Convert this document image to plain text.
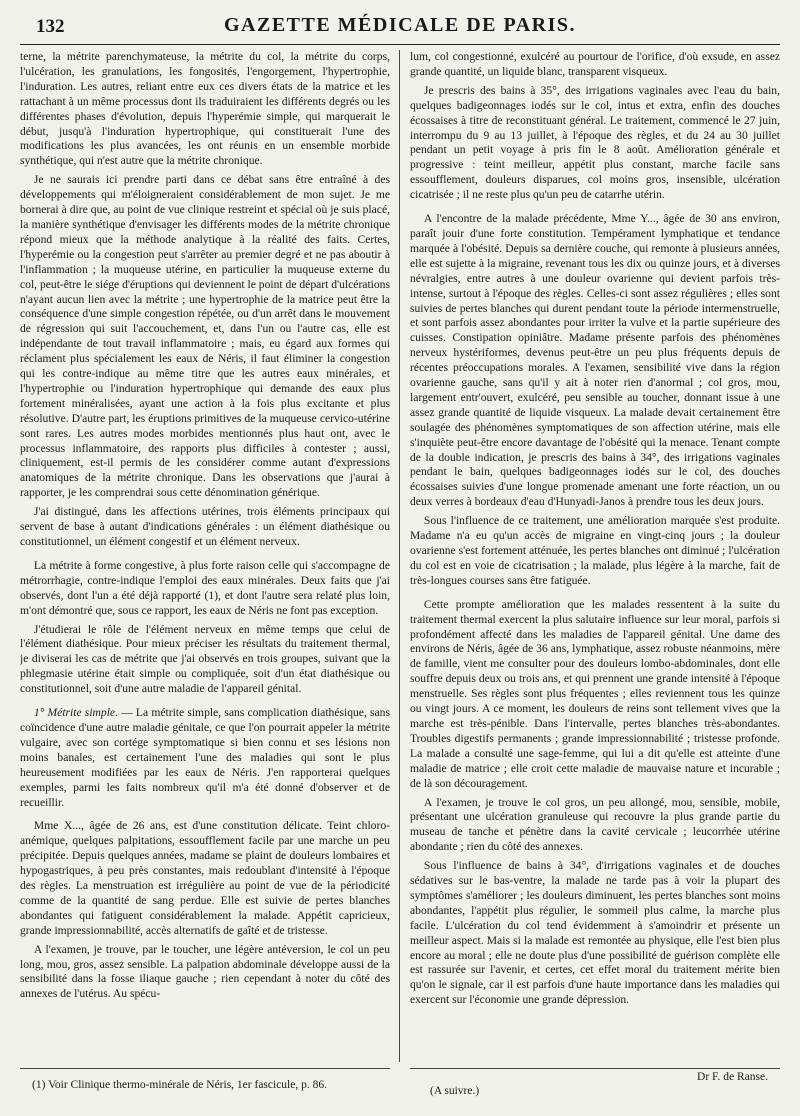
132	GAZETTE MÉDICALE DE PARIS.

terne, la métrite parenchymateuse, la métrite du col, la métrite du corps, l'ulcération, les granulations, les fongosités, l'engorgement, l'hypertrophie, l'induration. Les autres, reliant entre eux ces divers états de la matrice et les rattachant à un même processus dont ils traduiraient les différents degrés ou les différentes phases d'évolution, depuis l'hyperémie simple, qui marquerait le début, jusqu'à l'induration hypertrophique, qui constituerait l'une des modifications les plus avancées, les ont réunis en un ensemble morbide synthétique, qui n'est autre que la métrite chronique.

Je ne saurais ici prendre parti dans ce débat sans être entraîné à des développements qui m'éloigneraient considérablement de mon sujet. Je me bornerai à dire que, au point de vue clinique restreint et spécial où je suis placé, la manière synthétique d'envisager les différents modes de la métrite chronique répond mieux que la méthode analytique à la réalité des faits. Certes, l'hyperémie ou la congestion peut s'arrêter au premier degré et ne pas aboutir à l'inflammation ; la muqueuse utérine, en particulier la muqueuse externe du col, peut-être le siége d'éruptions qui deviennent le point de départ d'ulcérations n'ayant aucun lien avec la métrite ; une hypertrophie de la matrice peut être la conséquence d'une simple congestion répétée, ou d'un arrêt dans le mouvement de régression qui suit l'accouchement, et, dans l'un ou l'autre cas, elle est indépendante de tout travail inflammatoire ; mais, eu égard aux formes qui réclament plus spécialement les eaux de Néris, il faut éliminer la congestion qui les contre-indique au même titre que les autres eaux minérales, et l'hypertrophie ou l'induration hypertrophique qui demande des eaux plus fortement minéralisées, ayant une action à la fois plus excitante et plus résolutive. D'autre part, les éruptions primitives de la muqueuse cervico-utérine sont rares. Les autres modes morbides mentionnés plus haut ont, avec le processus inflammatoire, des rapports plus difficiles à contester ; aussi, cliniquement, est-il permis de les considérer comme autant d'expressions anatomiques de la métrite chronique. Dans les observations que j'aurai à rapporter, je les comprendrai sous cette dénomination générique.

J'ai distingué, dans les affections utérines, trois éléments principaux qui servent de base à autant d'indications générales : un élément diathésique ou constitutionnel, un élément congestif et un élément nerveux.

La métrite à forme congestive, à plus forte raison celle qui s'accompagne de métrorrhagie, contre-indique l'emploi des eaux minérales. Deux faits que j'ai observés, dont l'un a été déjà rapporté (1), et dont l'autre sera relaté plus loin, m'ont démontré que, sous ce rapport, les eaux de Néris ne font pas exception.

J'étudierai le rôle de l'élément nerveux en même temps que celui de l'élément diathésique. Pour mieux préciser les résultats du traitement thermal, je diviserai les cas de métrite que j'ai observés en trois groupes, suivant que la phlegmasie utérine était simple ou compliquée, soit d'un état diathésique ou constitutionnel, soit d'une autre maladie de l'appareil génital.

1° Métrite simple. — La métrite simple, sans complication diathésique, sans coïncidence d'une autre maladie génitale, ce que l'on pourrait appeler la métrite vulgaire, avec son cortége symptomatique si bien connu et ses lésions non moins banales, est certainement l'une des maladies qui sont le plus heureusement modifiées par les eaux de Néris. J'en rapporterai quelques exemples, parmi les faits nombreux qu'il m'a été donné d'observer et de recueillir.

Mme X..., âgée de 26 ans, est d'une constitution délicate. Teint chloro-anémique, quelques palpitations, essoufflement facile par une marche un peu précipitée. Depuis quelques années, madame se plaint de douleurs lombaires et hypogastriques, à peu près constantes, mais redoublant d'intensité à l'époque des règles. La menstruation est irrégulière au point de vue de la périodicité comme de la quantité de sang perdue. Elle est suivie de pertes blanches abondantes qui fatiguent considérablement la malade. Appétit capricieux, grande impressionnabilité, accès alternatifs de gaîté et de tristesse.

A l'examen, je trouve, par le toucher, une légère antéversion, le col un peu long, mou, gros, assez sensible. La palpation abdominale développe aussi de la sensibilité dans la fosse iliaque gauche ; rien cependant à noter du côté des annexes de l'utérus. Au spécu-

lum, col congestionné, exulcéré au pourtour de l'orifice, d'où exsude, en assez grande quantité, un liquide blanc, transparent visqueux.

Je prescris des bains à 35°, des irrigations vaginales avec l'eau du bain, quelques badigeonnages iodés sur le col, intus et extra, enfin des douches écossaises à titre de reconstituant général. Le traitement, commencé le 27 juin, interrompu du 9 au 13 juillet, à l'époque des règles, et du 24 au 30 juillet pendant un petit voyage à pris fin le 8 août. Amélioration générale et progressive : teint meilleur, appétit plus constant, marche facile sans essoufflement, douleurs disparues, col moins gros, insensible, ulcération cicatrisée ; il ne reste plus qu'un peu de catarrhe utérin.

A l'encontre de la malade précédente, Mme Y..., âgée de 30 ans environ, paraît jouir d'une forte constitution. Tempérament lymphatique et tendance marquée à l'obésité. Depuis sa dernière couche, qui remonte à plusieurs années, elle est sujette à la migraine, revenant tous les dix ou quinze jours, et à diverses névralgies, entre autres à une douleur ovarienne qui devient parfois très-intense, surtout à l'époque des règles. Celles-ci sont assez régulières ; elles sont suivies de pertes blanches qui durent pendant toute la période intermenstruelle, et sont parfois assez abondantes pour irriter la vulve et la partie supérieure des cuisses. Constipation opiniâtre. Madame présente parfois des phénomènes nerveux hystériformes, devenus peut-être un peu plus fréquents depuis de récentes préoccupations morales. A l'examen, sensibilité vive dans la région ovarienne gauche, sans qu'il y ait à noter rien d'anormal ; col gros, mou, largement entr'ouvert, exulcéré, peu sensible au toucher, donnant issue à une assez grande quantité de liquide visqueux. La malade devait certainement être soulagée des phénomènes symptomatiques de son affection utérine, mais elle s'inquiète peut-être encore davantage de l'obésité qui la menace. Tenant compte de la double indication, je prescris des bains à 34°, des irrigations vaginales pendant le bain, quelques badigeonnages iodés sur le col, des douches écossaises suivies d'une longue promenade amenant une forte réaction, un ou deux verres à bordeaux d'eau d'Hunyadi-Janos à prendre tous les deux jours.

Sous l'influence de ce traitement, une amélioration marquée s'est produite. Madame n'a eu qu'un accès de migraine en vingt-cinq jours ; la douleur ovarienne s'est fortement atténuée, les pertes blanches ont diminué ; l'ulcération du col est en voie de cicatrisation ; la malade, plus légère à la marche, fait de très-longues courses sans être fatiguée.

Cette prompte amélioration que les malades ressentent à la suite du traitement thermal exercent la plus salutaire influence sur leur moral, parfois si profondément affecté dans les maladies de l'appareil génital. Une dame des environs de Néris, âgée de 36 ans, lymphatique, assez robuste néanmoins, mère de famille, vient me consulter pour des douleurs lombo-abdominales, dont elle souffre depuis deux ou trois ans, et qui prennent une grande intensité à l'époque menstruelle. Ses règles sont plus fréquentes ; elles reviennent tous les quinze ou vingt jours. A ce moment, les douleurs de reins sont tellement vives que la marche est très-pénible. Dans l'intervalle, pertes blanches très-abondantes. Troubles digestifs permanents ; grande impressionnabilité ; tristesse profonde. La malade a consulté une sage-femme, qui lui a dit qu'elle est atteinte d'une maladie de matrice ; elle croit cette maladie de mauvaise nature et incurable ; de là son découragement.

A l'examen, je trouve le col gros, un peu allongé, mou, sensible, mobile, présentant une ulcération granuleuse qui recouvre la plus grande partie du museau de tanche et pénètre dans la cavité cervicale ; leucorrhée utérine abondante ; rien du côté des annexes.

Sous l'influence de bains à 34°, d'irrigations vaginales et de douches sédatives sur le bas-ventre, la malade ne tarde pas à voir la plupart des symptômes s'améliorer ; les douleurs diminuent, les pertes blanches sont moins abondantes, l'appétit plus régulier, le sommeil plus calme, la marche plus facile. L'ulcération du col tend évidemment à s'amoindrir et présente un meilleur aspect. Mais si la malade est remontée au physique, elle l'est bien plus encore au moral ; elle ne doute plus d'une possibilité de guérison complète elle est rassurée sur l'avenir, et certes, cet effet moral du traitement mérite bien qu'on le signale, car il est parfois d'une haute importance dans les maladies qui exercent sur l'économie une grande dépression.

(1) Voir Clinique thermo-minérale de Néris, 1er fascicule, p. 86.
Dr F. de Ranse.
(A suivre.)
